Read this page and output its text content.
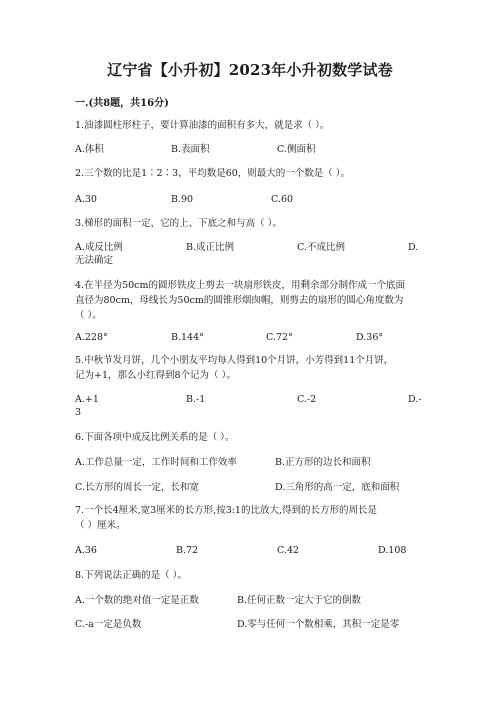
辽宁省【小升初】2023年小升初数学试卷
一.(共8题，共16分)
1.油漆圆柱形柱子，要计算油漆的面积有多大，就是求（ ）。
A.体积	B.表面积	C.侧面积
2.三个数的比是1∶2∶3，平均数是60，则最大的一个数是（ ）。
A.30	B.90	C.60
3.梯形的面积一定，它的上、下底之和与高（ ）。
A.成反比例	B.成正比例	C.不成比例	D.
无法确定
4.在半径为50cm的圆形铁皮上剪去一块扇形铁皮，用剩余部分制作成一个底面
直径为80cm，母线长为50cm的圆锥形烟囱帽，则剪去的扇形的圆心角度数为
（ ）。
A.228°	B.144°	C.72°	D.36°
5.中秋节发月饼，几个小朋友平均每人得到10个月饼，小芳得到11个月饼，
记为+1，那么小红得到8个记为（ ）。
A.+1	B.-1	C.-2	D.-
3
6.下面各项中成反比例关系的是（ ）。
A.工作总量一定，工作时间和工作效率	B.正方形的边长和面积
C.长方形的周长一定，长和宽	D.三角形的高一定，底和面积
7.一个长4厘米,宽3厘米的长方形,按3:1的比放大,得到的长方形的周长是
（ ）厘米。
A.36	B.72	C.42	D.108
8.下列说法正确的是（ ）。
A.一个数的绝对值一定是正数	B.任何正数一定大于它的倒数
C.-a一定是负数	D.零与任何一个数相乘，其积一定是零
